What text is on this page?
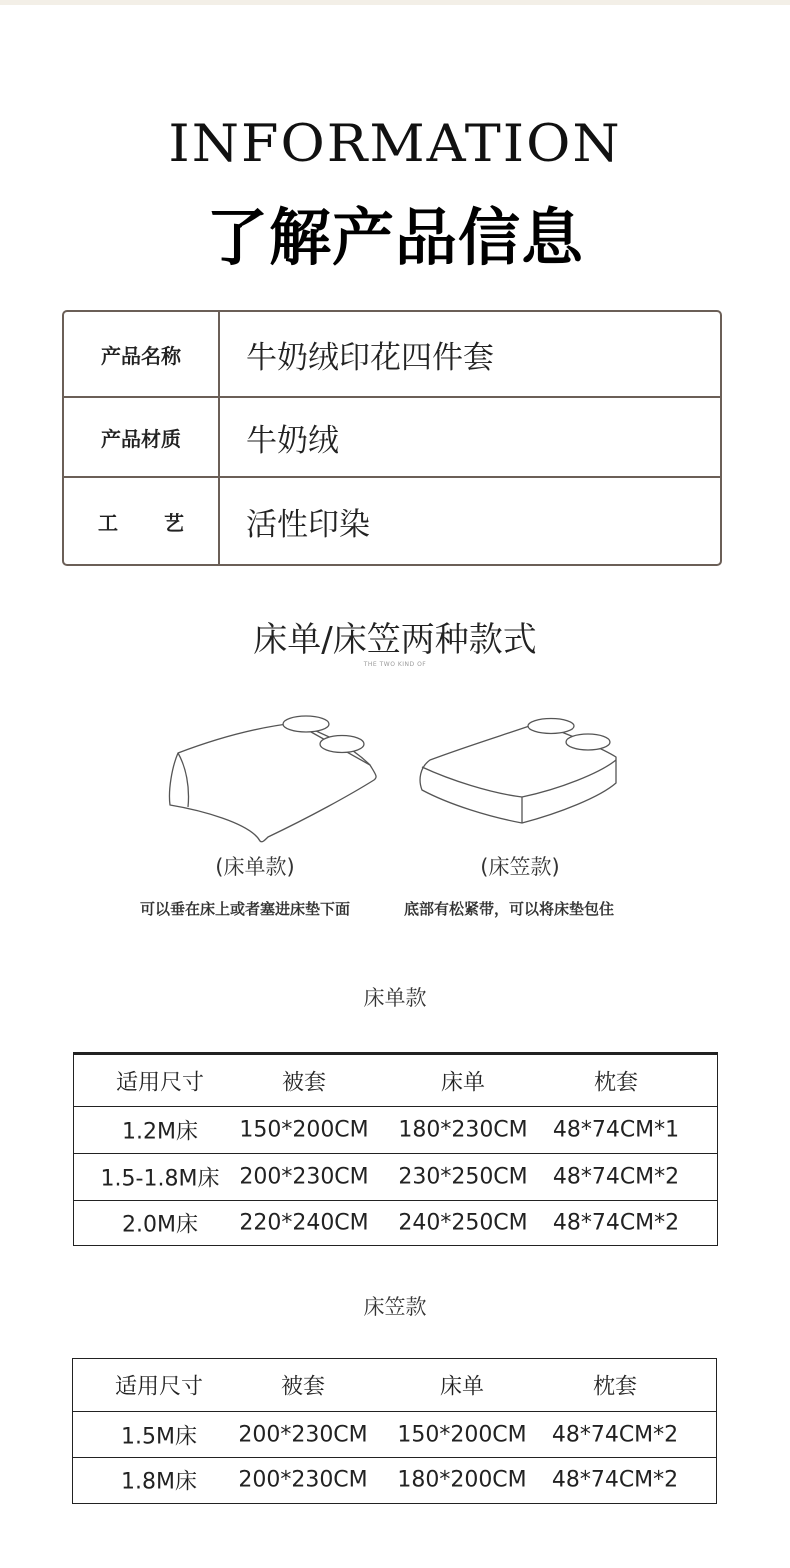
INFORMATION
了解产品信息
产品名称	牛奶绒印花四件套
产品材质	牛奶绒
工 艺 活性印染
床单/床笠两种款式
THE TWO KIND OF
(床单款)	(床笠款)
可以垂在床上或者塞进床垫下面	底部有松紧带，可以将床垫包住
床单款
适用尺寸	被套	床单	枕套
1.2M床	150*200CM	180*230CM	48*74CM*1
1.5-1.8M床 200*230CM	230*250CM	48*74CM*2
2.0M床	220*240CM	240*250CM	48*74CM*2
床笠款
适用尺寸	被套	床单	枕套
1.5M床	200*230CM	150*200CM	48*74CM*2
1.8M床	200*230CM	180*200CM	48*74CM*2
